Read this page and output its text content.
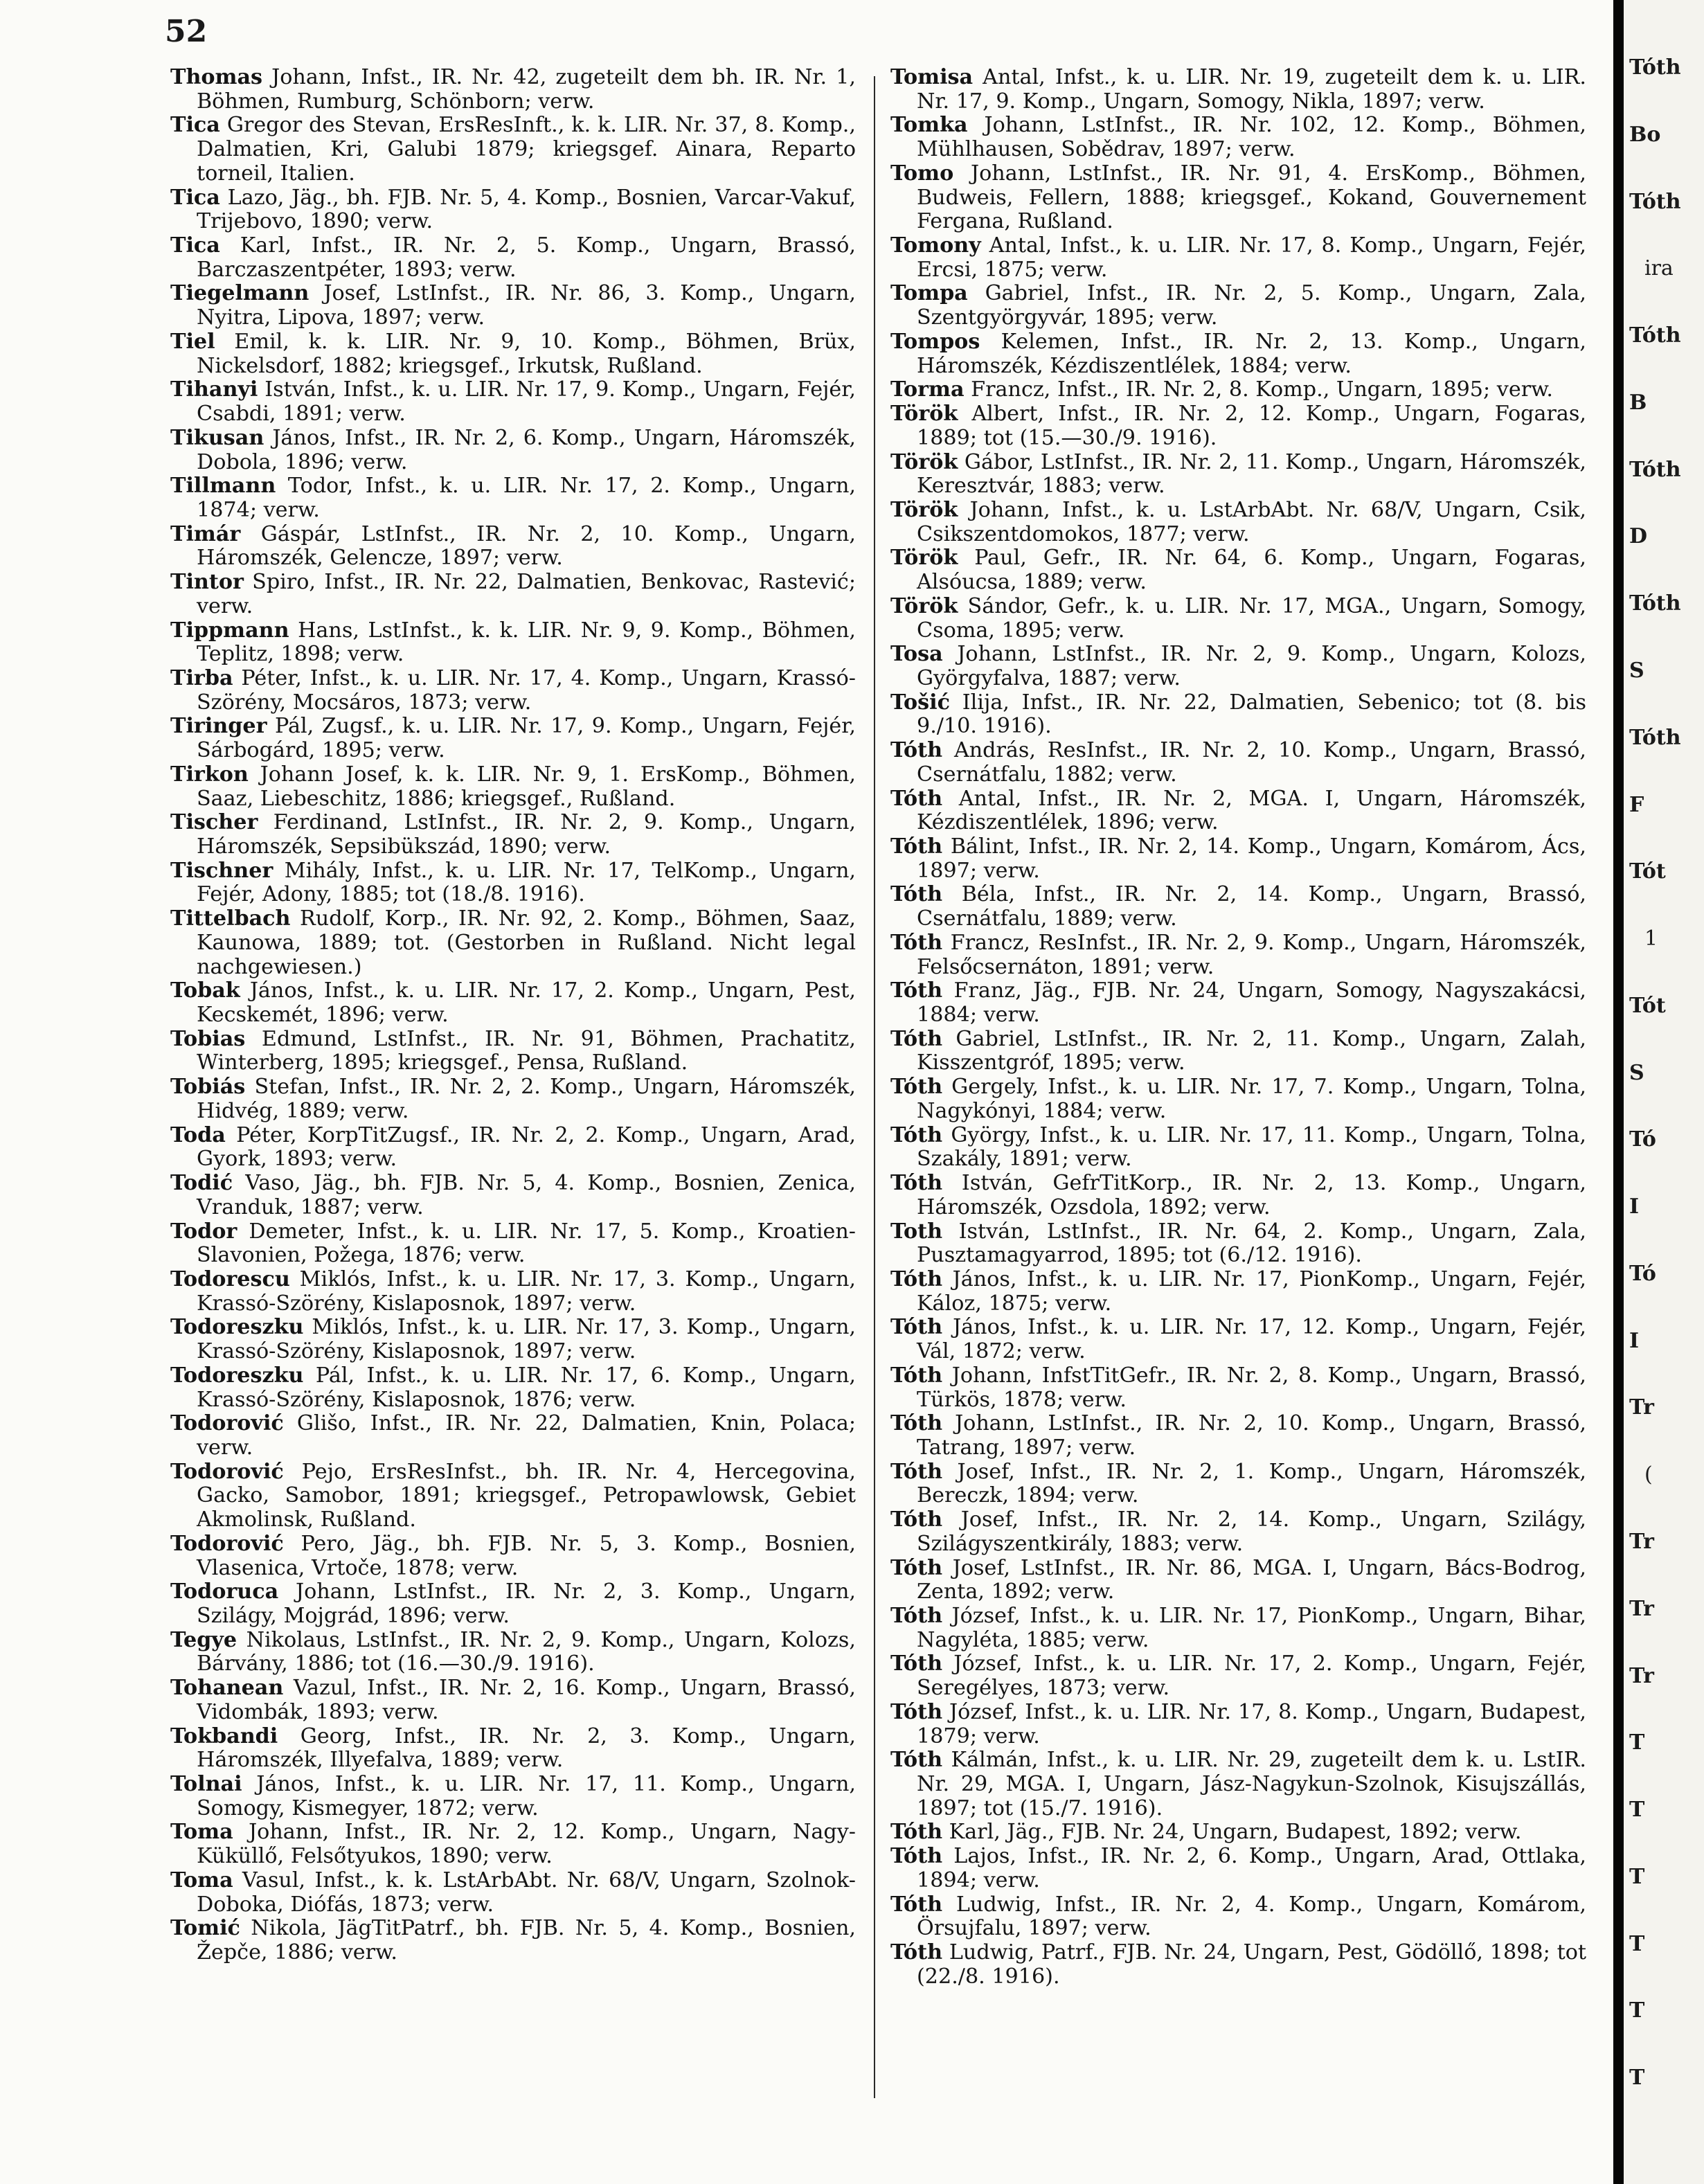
52
Thomas Johann, Infst., IR. Nr. 42, zugeteilt dem bh. IR. Nr. 1, Böhmen, Rumburg, Schönborn; verw.
Tica Gregor des Stevan, ErsResInft., k. k. LIR. Nr. 37, 8. Komp., Dalmatien, Kri, Galubi 1879; kriegsgef. Ainara, Reparto torneil, Italien.
Tica Lazo, Jäg., bh. FJB. Nr. 5, 4. Komp., Bosnien, Varcar-Vakuf, Trijebovo, 1890; verw.
Tica Karl, Infst., IR. Nr. 2, 5. Komp., Ungarn, Brassó, Barczaszentpéter, 1893; verw.
Tiegelmann Josef, LstInfst., IR. Nr. 86, 3. Komp., Ungarn, Nyitra, Lipova, 1897; verw.
Tiel Emil, k. k. LIR. Nr. 9, 10. Komp., Böhmen, Brüx, Nickelsdorf, 1882; kriegsgef., Irkutsk, Rußland.
Tihanyi István, Infst., k. u. LIR. Nr. 17, 9. Komp., Ungarn, Fejér, Csabdi, 1891; verw.
Tikusan János, Infst., IR. Nr. 2, 6. Komp., Ungarn, Háromszék, Dobola, 1896; verw.
Tillmann Todor, Infst., k. u. LIR. Nr. 17, 2. Komp., Ungarn, 1874; verw.
Timár Gáspár, LstInfst., IR. Nr. 2, 10. Komp., Ungarn, Háromszék, Gelencze, 1897; verw.
Tintor Spiro, Infst., IR. Nr. 22, Dalmatien, Benkovac, Rastević; verw.
Tippmann Hans, LstInfst., k. k. LIR. Nr. 9, 9. Komp., Böhmen, Teplitz, 1898; verw.
Tirba Péter, Infst., k. u. LIR. Nr. 17, 4. Komp., Ungarn, Krassó-Szörény, Mocsáros, 1873; verw.
Tiringer Pál, Zugsf., k. u. LIR. Nr. 17, 9. Komp., Ungarn, Fejér, Sárbogárd, 1895; verw.
Tirkon Johann Josef, k. k. LIR. Nr. 9, 1. ErsKomp., Böhmen, Saaz, Liebeschitz, 1886; kriegsgef., Rußland.
Tischer Ferdinand, LstInfst., IR. Nr. 2, 9. Komp., Ungarn, Háromszék, Sepsibükszád, 1890; verw.
Tischner Mihály, Infst., k. u. LIR. Nr. 17, TelKomp., Ungarn, Fejér, Adony, 1885; tot (18./8. 1916).
Tittelbach Rudolf, Korp., IR. Nr. 92, 2. Komp., Böhmen, Saaz, Kaunowa, 1889; tot. (Gestorben in Rußland. Nicht legal nachgewiesen.)
Tobak János, Infst., k. u. LIR. Nr. 17, 2. Komp., Ungarn, Pest, Kecskemét, 1896; verw.
Tobias Edmund, LstInfst., IR. Nr. 91, Böhmen, Prachatitz, Winterberg, 1895; kriegsgef., Pensa, Rußland.
Tobiás Stefan, Infst., IR. Nr. 2, 2. Komp., Ungarn, Háromszék, Hidvég, 1889; verw.
Toda Péter, KorpTitZugsf., IR. Nr. 2, 2. Komp., Ungarn, Arad, Gyork, 1893; verw.
Todić Vaso, Jäg., bh. FJB. Nr. 5, 4. Komp., Bosnien, Zenica, Vranduk, 1887; verw.
Todor Demeter, Infst., k. u. LIR. Nr. 17, 5. Komp., Kroatien-Slavonien, Požega, 1876; verw.
Todorescu Miklós, Infst., k. u. LIR. Nr. 17, 3. Komp., Ungarn, Krassó-Szörény, Kislaposnok, 1897; verw.
Todoreszku Miklós, Infst., k. u. LIR. Nr. 17, 3. Komp., Ungarn, Krassó-Szörény, Kislaposnok, 1897; verw.
Todoreszku Pál, Infst., k. u. LIR. Nr. 17, 6. Komp., Ungarn, Krassó-Szörény, Kislaposnok, 1876; verw.
Todorović Glišo, Infst., IR. Nr. 22, Dalmatien, Knin, Polaca; verw.
Todorović Pejo, ErsResInfst., bh. IR. Nr. 4, Hercegovina, Gacko, Samobor, 1891; kriegsgef., Petropawlowsk, Gebiet Akmolinsk, Rußland.
Todorović Pero, Jäg., bh. FJB. Nr. 5, 3. Komp., Bosnien, Vlasenica, Vrtoče, 1878; verw.
Todoruca Johann, LstInfst., IR. Nr. 2, 3. Komp., Ungarn, Szilágy, Mojgrád, 1896; verw.
Tegye Nikolaus, LstInfst., IR. Nr. 2, 9. Komp., Ungarn, Kolozs, Bárvány, 1886; tot (16.—30./9. 1916).
Tohanean Vazul, Infst., IR. Nr. 2, 16. Komp., Ungarn, Brassó, Vidombák, 1893; verw.
Tokbandi Georg, Infst., IR. Nr. 2, 3. Komp., Ungarn, Háromszék, Illyefalva, 1889; verw.
Tolnai János, Infst., k. u. LIR. Nr. 17, 11. Komp., Ungarn, Somogy, Kismegyer, 1872; verw.
Toma Johann, Infst., IR. Nr. 2, 12. Komp., Ungarn, Nagy-Küküllő, Felsőtyukos, 1890; verw.
Toma Vasul, Infst., k. k. LstArbAbt. Nr. 68/V, Ungarn, Szolnok-Doboka, Diófás, 1873; verw.
Tomić Nikola, JägTitPatrf., bh. FJB. Nr. 5, 4. Komp., Bosnien, Žepče, 1886; verw.
Tomisa Antal, Infst., k. u. LIR. Nr. 19, zugeteilt dem k. u. LIR. Nr. 17, 9. Komp., Ungarn, Somogy, Nikla, 1897; verw.
Tomka Johann, LstInfst., IR. Nr. 102, 12. Komp., Böhmen, Mühlhausen, Sobědrav, 1897; verw.
Tomo Johann, LstInfst., IR. Nr. 91, 4. ErsKomp., Böhmen, Budweis, Fellern, 1888; kriegsgef., Kokand, Gouvernement Fergana, Rußland.
Tomony Antal, Infst., k. u. LIR. Nr. 17, 8. Komp., Ungarn, Fejér, Ercsi, 1875; verw.
Tompa Gabriel, Infst., IR. Nr. 2, 5. Komp., Ungarn, Zala, Szentgyörgyvár, 1895; verw.
Tompos Kelemen, Infst., IR. Nr. 2, 13. Komp., Ungarn, Háromszék, Kézdiszentlélek, 1884; verw.
Torma Francz, Infst., IR. Nr. 2, 8. Komp., Ungarn, 1895; verw.
Török Albert, Infst., IR. Nr. 2, 12. Komp., Ungarn, Fogaras, 1889; tot (15.—30./9. 1916).
Török Gábor, LstInfst., IR. Nr. 2, 11. Komp., Ungarn, Háromszék, Keresztvár, 1883; verw.
Török Johann, Infst., k. u. LstArbAbt. Nr. 68/V, Ungarn, Csik, Csikszentdomokos, 1877; verw.
Török Paul, Gefr., IR. Nr. 64, 6. Komp., Ungarn, Fogaras, Alsóucsa, 1889; verw.
Török Sándor, Gefr., k. u. LIR. Nr. 17, MGA., Ungarn, Somogy, Csoma, 1895; verw.
Tosa Johann, LstInfst., IR. Nr. 2, 9. Komp., Ungarn, Kolozs, Györgyfalva, 1887; verw.
Tošić Ilija, Infst., IR. Nr. 22, Dalmatien, Sebenico; tot (8. bis 9./10. 1916).
Tóth András, ResInfst., IR. Nr. 2, 10. Komp., Ungarn, Brassó, Csernátfalu, 1882; verw.
Tóth Antal, Infst., IR. Nr. 2, MGA. I, Ungarn, Háromszék, Kézdiszentlélek, 1896; verw.
Tóth Bálint, Infst., IR. Nr. 2, 14. Komp., Ungarn, Komárom, Ács, 1897; verw.
Tóth Béla, Infst., IR. Nr. 2, 14. Komp., Ungarn, Brassó, Csernátfalu, 1889; verw.
Tóth Francz, ResInfst., IR. Nr. 2, 9. Komp., Ungarn, Háromszék, Felsőcsernáton, 1891; verw.
Tóth Franz, Jäg., FJB. Nr. 24, Ungarn, Somogy, Nagyszakácsi, 1884; verw.
Tóth Gabriel, LstInfst., IR. Nr. 2, 11. Komp., Ungarn, Zalah, Kisszentgróf, 1895; verw.
Tóth Gergely, Infst., k. u. LIR. Nr. 17, 7. Komp., Ungarn, Tolna, Nagykónyi, 1884; verw.
Tóth György, Infst., k. u. LIR. Nr. 17, 11. Komp., Ungarn, Tolna, Szakály, 1891; verw.
Tóth István, GefrTitKorp., IR. Nr. 2, 13. Komp., Ungarn, Háromszék, Ozsdola, 1892; verw.
Toth István, LstInfst., IR. Nr. 64, 2. Komp., Ungarn, Zala, Pusztamagyarrod, 1895; tot (6./12. 1916).
Tóth János, Infst., k. u. LIR. Nr. 17, PionKomp., Ungarn, Fejér, Káloz, 1875; verw.
Tóth János, Infst., k. u. LIR. Nr. 17, 12. Komp., Ungarn, Fejér, Vál, 1872; verw.
Tóth Johann, InfstTitGefr., IR. Nr. 2, 8. Komp., Ungarn, Brassó, Türkös, 1878; verw.
Tóth Johann, LstInfst., IR. Nr. 2, 10. Komp., Ungarn, Brassó, Tatrang, 1897; verw.
Tóth Josef, Infst., IR. Nr. 2, 1. Komp., Ungarn, Háromszék, Bereczk, 1894; verw.
Tóth Josef, Infst., IR. Nr. 2, 14. Komp., Ungarn, Szilágy, Szilágyszentkirály, 1883; verw.
Tóth Josef, LstInfst., IR. Nr. 86, MGA. I, Ungarn, Bács-Bodrog, Zenta, 1892; verw.
Tóth József, Infst., k. u. LIR. Nr. 17, PionKomp., Ungarn, Bihar, Nagyléta, 1885; verw.
Tóth József, Infst., k. u. LIR. Nr. 17, 2. Komp., Ungarn, Fejér, Seregélyes, 1873; verw.
Tóth József, Infst., k. u. LIR. Nr. 17, 8. Komp., Ungarn, Budapest, 1879; verw.
Tóth Kálmán, Infst., k. u. LIR. Nr. 29, zugeteilt dem k. u. LstIR. Nr. 29, MGA. I, Ungarn, Jász-Nagykun-Szolnok, Kisujszállás, 1897; tot (15./7. 1916).
Tóth Karl, Jäg., FJB. Nr. 24, Ungarn, Budapest, 1892; verw.
Tóth Lajos, Infst., IR. Nr. 2, 6. Komp., Ungarn, Arad, Ottlaka, 1894; verw.
Tóth Ludwig, Infst., IR. Nr. 2, 4. Komp., Ungarn, Komárom, Örsujfalu, 1897; verw.
Tóth Ludwig, Patrf., FJB. Nr. 24, Ungarn, Pest, Gödöllő, 1898; tot (22./8. 1916).
Tóth
Bo
Tóth
ira
Tóth
B
Tóth
D
Tóth
S
Tóth
F
Tót
1
Tót
S
Tó
I
Tó
I
Tr
(
Tr
Tr
Tr
T
T
T
T
T
T
